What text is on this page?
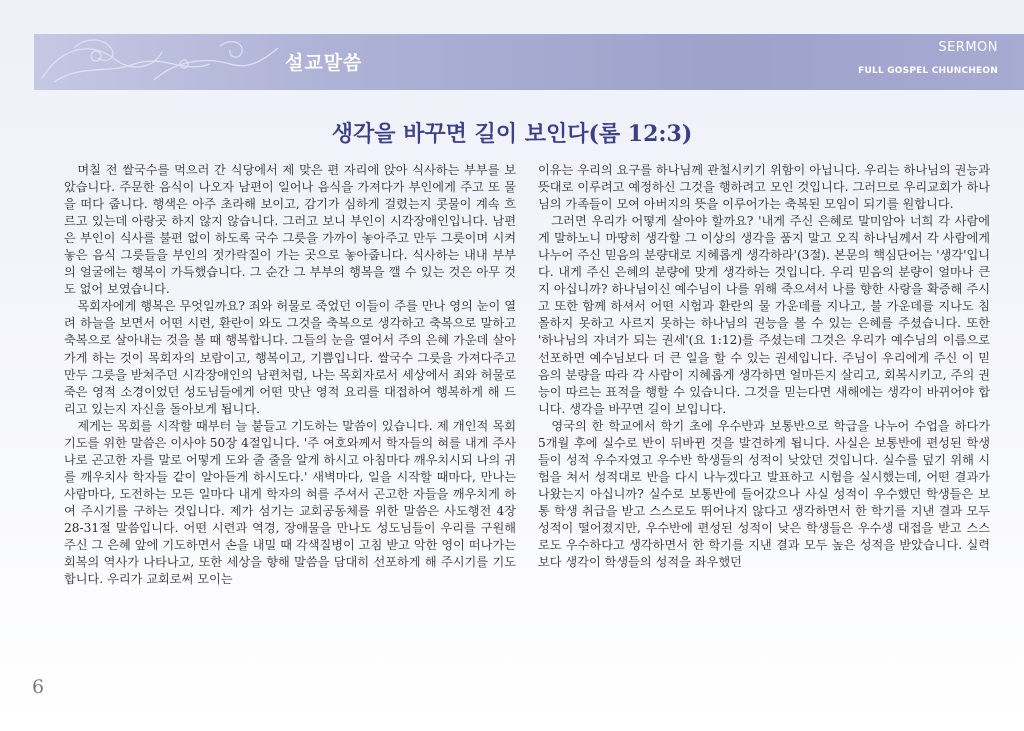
설교말씀
SERMON
FULL GOSPEL CHUNCHEON
생각을 바꾸면 길이 보인다(롬 12:3)

며칠 전 쌀국수를 먹으러 간 식당에서 제 맞은 편 자리에 앉아 식사하는 부부를 보았습니다. 주문한 음식이 나오자 남편이 일어나 음식을 가져다가 부인에게 주고 또 물을 떠다 줍니다. 행색은 아주 초라해 보이고, 감기가 심하게 걸렸는지 콧물이 계속 흐르고 있는데 아랑곳 하지 않지 않습니다. 그러고 보니 부인이 시각장애인입니다. 남편은 부인이 식사를 불편 없이 하도록 국수 그릇을 가까이 놓아주고 만두 그릇이며 시켜놓은 음식 그릇들을 부인의 젓가락질이 가는 곳으로 놓아줍니다. 식사하는 내내 부부의 얼굴에는 행복이 가득했습니다. 그 순간 그 부부의 행복을 깰 수 있는 것은 아무 것도 없어 보였습니다.

목회자에게 행복은 무엇일까요? 죄와 허물로 죽었던 이들이 주를 만나 영의 눈이 열려 하늘을 보면서 어떤 시련, 환란이 와도 그것을 축복으로 생각하고 축복으로 말하고 축복으로 살아내는 것을 볼 때 행복합니다. 그들의 눈을 열어서 주의 은혜 가운데 살아가게 하는 것이 목회자의 보람이고, 행복이고, 기쁨입니다. 쌀국수 그릇을 가져다주고 만두 그릇을 받쳐주던 시각장애인의 남편처럼, 나는 목회자로서 세상에서 죄와 허물로 죽은 영적 소경이었던 성도님들에게 어떤 맛난 영적 요리를 대접하여 행복하게 해 드리고 있는지 자신을 돌아보게 됩니다.

제게는 목회를 시작할 때부터 늘 붙들고 기도하는 말씀이 있습니다. 제 개인적 목회기도를 위한 말씀은 이사야 50장 4절입니다. '주 여호와께서 학자들의 혀를 내게 주사 나로 곤고한 자를 말로 어떻게 도와 줄 줄을 알게 하시고 아침마다 깨우치시되 나의 귀를 깨우치사 학자들 같이 알아듣게 하시도다.' 새벽마다, 일을 시작할 때마다, 만나는 사람마다, 도전하는 모든 일마다 내게 학자의 혀를 주셔서 곤고한 자들을 깨우치게 하여 주시기를 구하는 것입니다. 제가 섬기는 교회공동체를 위한 말씀은 사도행전 4장 28-31절 말씀입니다. 어떤 시련과 역경, 장애물을 만나도 성도님들이 우리를 구원해 주신 그 은혜 앞에 기도하면서 손을 내밀 때 각색질병이 고침 받고 악한 영이 떠나가는 회복의 역사가 나타나고, 또한 세상을 향해 말씀을 담대히 선포하게 해 주시기를 기도합니다. 우리가 교회로써 모이는

이유는 우리의 요구를 하나님께 관철시키기 위함이 아닙니다. 우리는 하나님의 권능과 뜻대로 이루려고 예정하신 그것을 행하려고 모인 것입니다. 그러므로 우리교회가 하나님의 가족들이 모여 아버지의 뜻을 이루어가는 축복된 모임이 되기를 원합니다.

그러면 우리가 어떻게 살아야 할까요? '내게 주신 은혜로 말미암아 너희 각 사람에게 말하노니 마땅히 생각할 그 이상의 생각을 품지 말고 오직 하나님께서 각 사람에게 나누어 주신 믿음의 분량대로 지혜롭게 생각하라'(3절). 본문의 핵심단어는 '생각'입니다. 내게 주신 은혜의 분량에 맞게 생각하는 것입니다. 우리 믿음의 분량이 얼마나 큰지 아십니까? 하나님이신 예수님이 나를 위해 죽으셔서 나를 향한 사랑을 확증해 주시고 또한 함께 하셔서 어떤 시험과 환란의 물 가운데를 지나고, 불 가운데를 지나도 침몰하지 못하고 사르지 못하는 하나님의 권능을 볼 수 있는 은혜를 주셨습니다. 또한 '하나님의 자녀가 되는 권세'(요 1:12)를 주셨는데 그것은 우리가 예수님의 이름으로 선포하면 예수님보다 더 큰 일을 할 수 있는 권세입니다. 주님이 우리에게 주신 이 믿음의 분량을 따라 각 사람이 지혜롭게 생각하면 얼마든지 살리고, 회복시키고, 주의 권능이 따르는 표적을 행할 수 있습니다. 그것을 믿는다면 새해에는 생각이 바뀌어야 합니다. 생각을 바꾸면 길이 보입니다.

영국의 한 학교에서 학기 초에 우수반과 보통반으로 학급을 나누어 수업을 하다가 5개월 후에 실수로 반이 뒤바뀐 것을 발견하게 됩니다. 사실은 보통반에 편성된 학생들이 성적 우수자였고 우수반 학생들의 성적이 낮았던 것입니다. 실수를 덮기 위해 시험을 쳐서 성적대로 반을 다시 나누겠다고 발표하고 시험을 실시했는데, 어떤 결과가 나왔는지 아십니까? 실수로 보통반에 들어갔으나 사실 성적이 우수했던 학생들은 보통 학생 취급을 받고 스스로도 뛰어나지 않다고 생각하면서 한 학기를 지낸 결과 모두 성적이 떨어졌지만, 우수반에 편성된 성적이 낮은 학생들은 우수생 대접을 받고 스스로도 우수하다고 생각하면서 한 학기를 지낸 결과 모두 높은 성적을 받았습니다. 실력보다 생각이 학생들의 성적을 좌우했던

6
